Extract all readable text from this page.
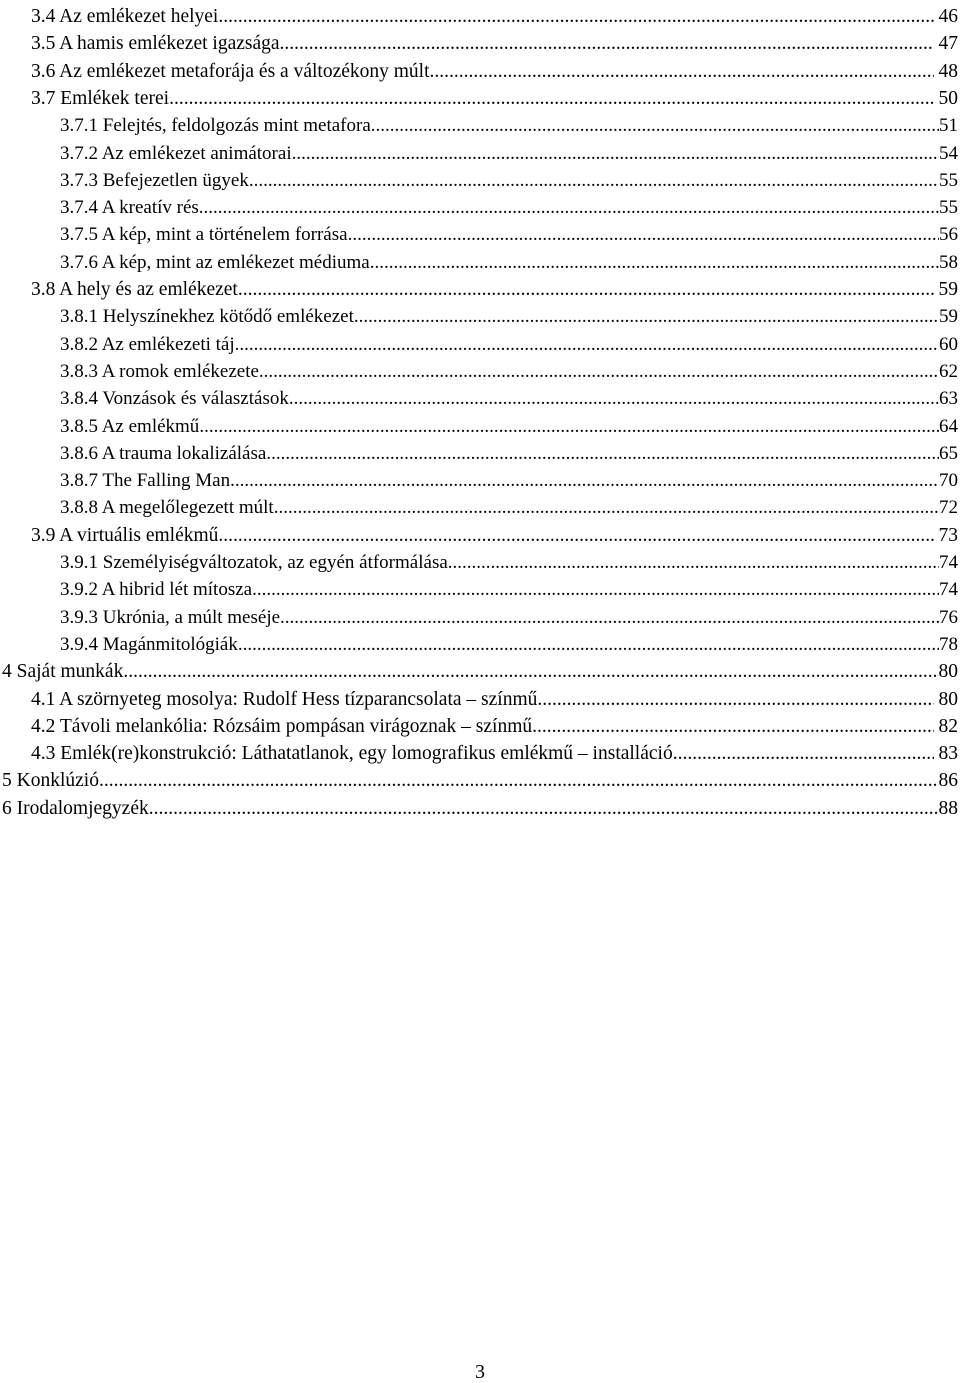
3.4 Az emlékezet helyei .....	46
3.5 A hamis emlékezet igazsága .....	47
3.6 Az emlékezet metaforája és a változékony múlt .....	48
3.7 Emlékek terei .....	50
3.7.1 Felejtés, feldolgozás mint metafora .....	51
3.7.2 Az emlékezet animátorai .....	54
3.7.3 Befejezetlen ügyek .....	55
3.7.4 A kreatív rés .....	55
3.7.5 A kép, mint a történelem forrása .....	56
3.7.6 A kép, mint az emlékezet médiuma .....	58
3.8 A hely és az emlékezet .....	59
3.8.1 Helyszínekhez kötődő emlékezet .....	59
3.8.2 Az emlékezeti táj .....	60
3.8.3 A romok emlékezete .....	62
3.8.4 Vonzások és választások .....	63
3.8.5 Az emlékmű .....	64
3.8.6 A trauma lokalizálása .....	65
3.8.7 The Falling Man .....	70
3.8.8 A megelőlegezett múlt .....	72
3.9 A virtuális emlékmű .....	73
3.9.1 Személyiségváltozatok, az egyén átformálása .....	74
3.9.2 A hibrid lét mítosza .....	74
3.9.3 Ukrónia, a múlt meséje .....	76
3.9.4 Magánmitológiák .....	78
4 Saját munkák .....	80
4.1 A szörnyeteg mosolya: Rudolf Hess tízparancsolata – színmű .....	80
4.2 Távoli melankólia: Rózsáim pompásan virágoznak – színmű .....	82
4.3 Emlék(re)konstrukció: Láthatatlanok, egy lomografikus emlékmű – installáció .....	83
5 Konklúzió .....	86
6 Irodalomjegyzék .....	88
3
